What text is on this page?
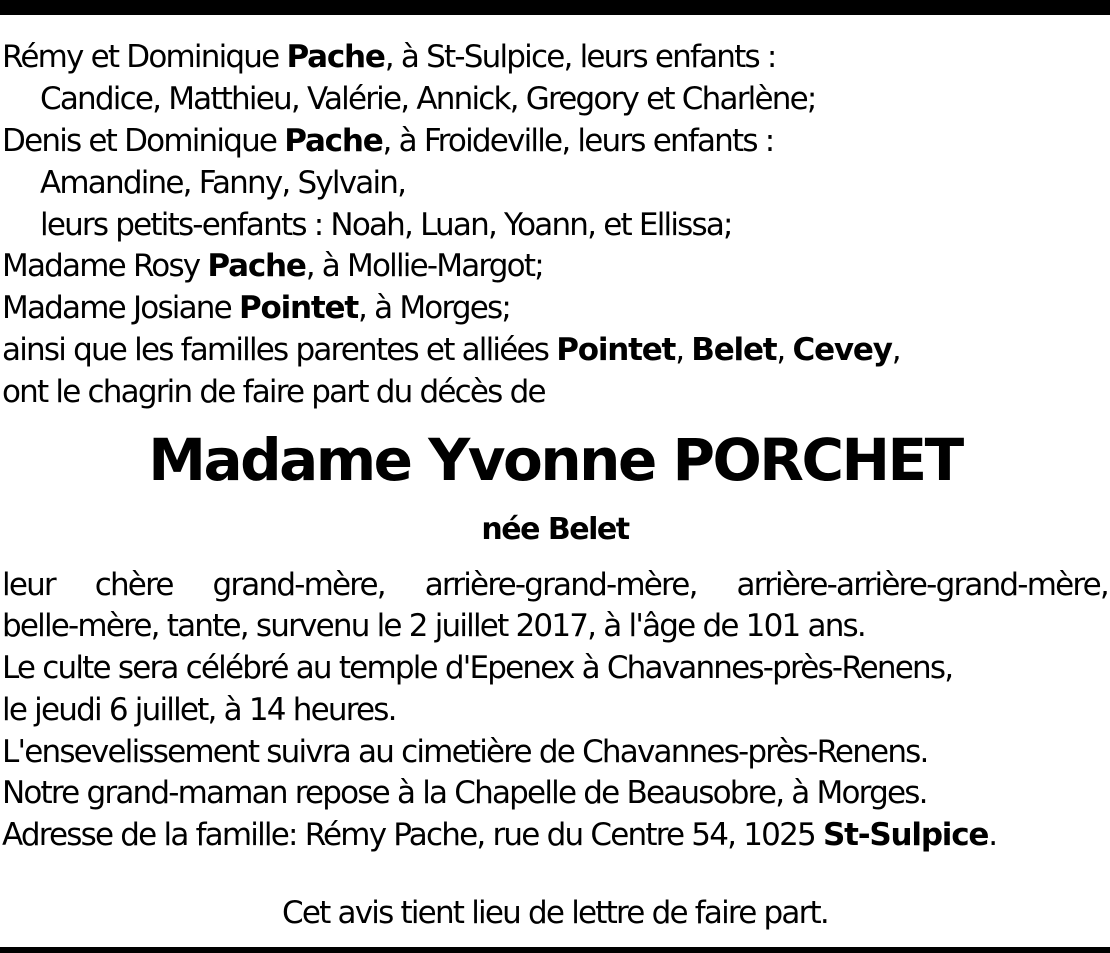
Rémy et Dominique Pache, à St-Sulpice, leurs enfants :
Candice, Matthieu, Valérie, Annick, Gregory et Charlène;
Denis et Dominique Pache, à Froideville, leurs enfants :
Amandine, Fanny, Sylvain,
leurs petits-enfants : Noah, Luan, Yoann, et Ellissa;
Madame Rosy Pache, à Mollie-Margot;
Madame Josiane Pointet, à Morges;
ainsi que les familles parentes et alliées Pointet, Belet, Cevey,
ont le chagrin de faire part du décès de
Madame Yvonne PORCHET
née Belet
leur chère grand-mère, arrière-grand-mère, arrière-arrière-grand-mère,
belle-mère, tante, survenu le 2 juillet 2017, à l'âge de 101 ans.
Le culte sera célébré au temple d'Epenex à Chavannes-près-Renens,
le jeudi 6 juillet, à 14 heures.
L'ensevelissement suivra au cimetière de Chavannes-près-Renens.
Notre grand-maman repose à la Chapelle de Beausobre, à Morges.
Adresse de la famille: Rémy Pache, rue du Centre 54, 1025 St-Sulpice.
Cet avis tient lieu de lettre de faire part.
